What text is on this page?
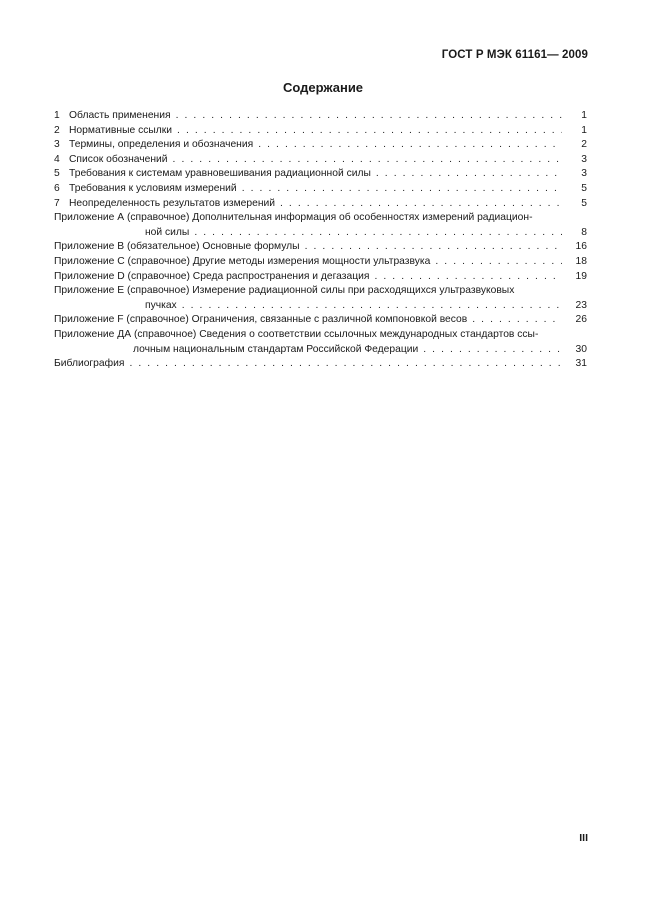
ГОСТ Р МЭК 61161— 2009
Содержание
1 Область применения . . .	1
2 Нормативные ссылки . . .	1
3 Термины, определения и обозначения . . .	2
4 Список обозначений . . .	3
5 Требования к системам уравновешивания радиационной силы . . .	3
6 Требования к условиям измерений . . .	5
7 Неопределенность результатов измерений . . .	5
Приложение А (справочное) Дополнительная информация об особенностях измерений радиацион-
ной силы . . .	8
Приложение В (обязательное) Основные формулы . . .	16
Приложение С (справочное) Другие методы измерения мощности ультразвука . . .	18
Приложение D (справочное) Среда распространения и дегазация . . .	19
Приложение Е (справочное) Измерение радиационной силы при расходящихся ультразвуковых
пучках . . .	23
Приложение F (справочное) Ограничения, связанные с различной компоновкой весов . . .	26
Приложение ДА (справочное) Сведения о соответствии ссылочных международных стандартов ссы-
лочным национальным стандартам Российской Федерации . . .	30
Библиография . . .	31
III
